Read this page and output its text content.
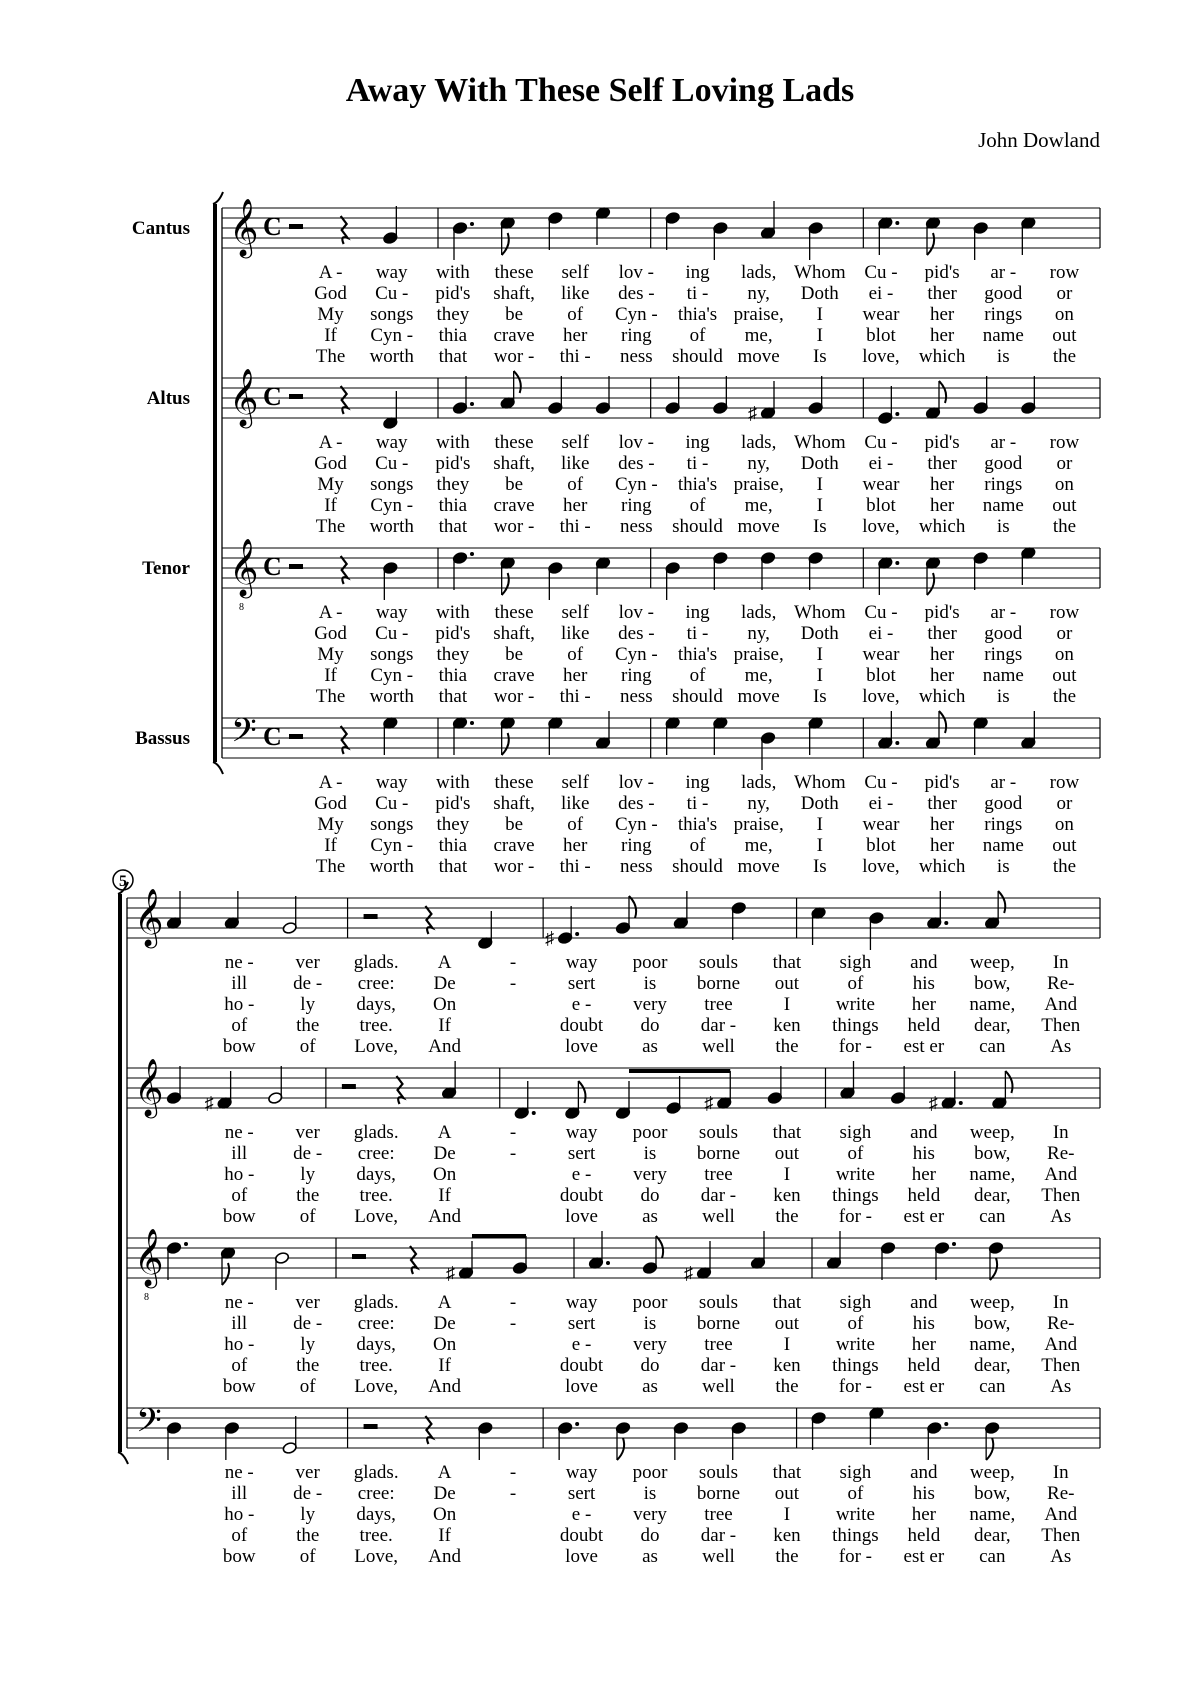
Away With These Self Loving Lads
John Dowland
Cantus 𝄞 C
A - way with these self lov - ing lads, Whom Cu - pid's ar - row
God Cu - pid's shaft, like des - ti - ny, Doth ei - ther good or
My songs they be of Cyn - thia's praise, I wear her rings on
If Cyn - thia crave her ring of me, I blot her name out
The worth that wor - thi - ness should move Is love, which is the
Altus 𝄞 C
♯
A - way with these self lov - ing lads, Whom Cu - pid's ar - row
God Cu - pid's shaft, like des - ti - ny, Doth ei - ther good or
My songs they be of Cyn - thia's praise, I wear her rings on
If Cyn - thia crave her ring of me, I blot her name out
The worth that wor - thi - ness should move Is love, which is the
Tenor 𝄞
8
C
A - way with these self lov - ing lads, Whom Cu - pid's ar - row
God Cu - pid's shaft, like des - ti - ny, Doth ei - ther good or
My songs they be of Cyn - thia's praise, I wear her rings on
If Cyn - thia crave her ring of me, I blot her name out
The worth that wor - thi - ness should move Is love, which is the
Bassus 𝄢 C
A - way with these self lov - ing lads, Whom Cu - pid's ar - row
God Cu - pid's shaft, like des - ti - ny, Doth ei - ther good or
My songs they be of Cyn - thia's praise, I wear her rings on
If Cyn - thia crave her ring of me, I blot her name out
The worth that wor - thi - ness should move Is love, which is the
5
𝄞	♯
ne - ver glads. A	-	way poor souls that sigh and weep, In
ill de - cree: De	-	sert	is borne out	of	his bow, Re-
ho - ly days, On	e - very tree	I write her name, And
of	the tree. If	doubt do dar - ken things held dear, Then
bow of Love, And	love as well the for - est er can As
𝄞 ♯	♯	♯
ne - ver glads. A	-	way poor souls that sigh and weep, In
ill de - cree: De	-	sert	is borne out	of	his bow, Re-
ho - ly days, On	e - very tree	I write her name, And
of	the tree. If	doubt do dar - ken things held dear, Then
bow of Love, And	love as well the for - est er can As
𝄞
8
♯	♯
ne - ver glads. A	-	way poor souls that sigh and weep, In
ill de - cree: De	-	sert	is borne out	of	his bow, Re-
ho - ly days, On	e - very tree	I write her name, And
of	the tree. If	doubt do dar - ken things held dear, Then
bow of Love, And	love as well the for - est er can As
𝄢
ne - ver glads. A	-	way poor souls that sigh and weep, In
ill de - cree: De	-	sert	is borne out	of	his bow, Re-
ho - ly days, On	e - very tree	I write her name, And
of	the tree. If	doubt do dar - ken things held dear, Then
bow of Love, And	love as well the for - est er can As
